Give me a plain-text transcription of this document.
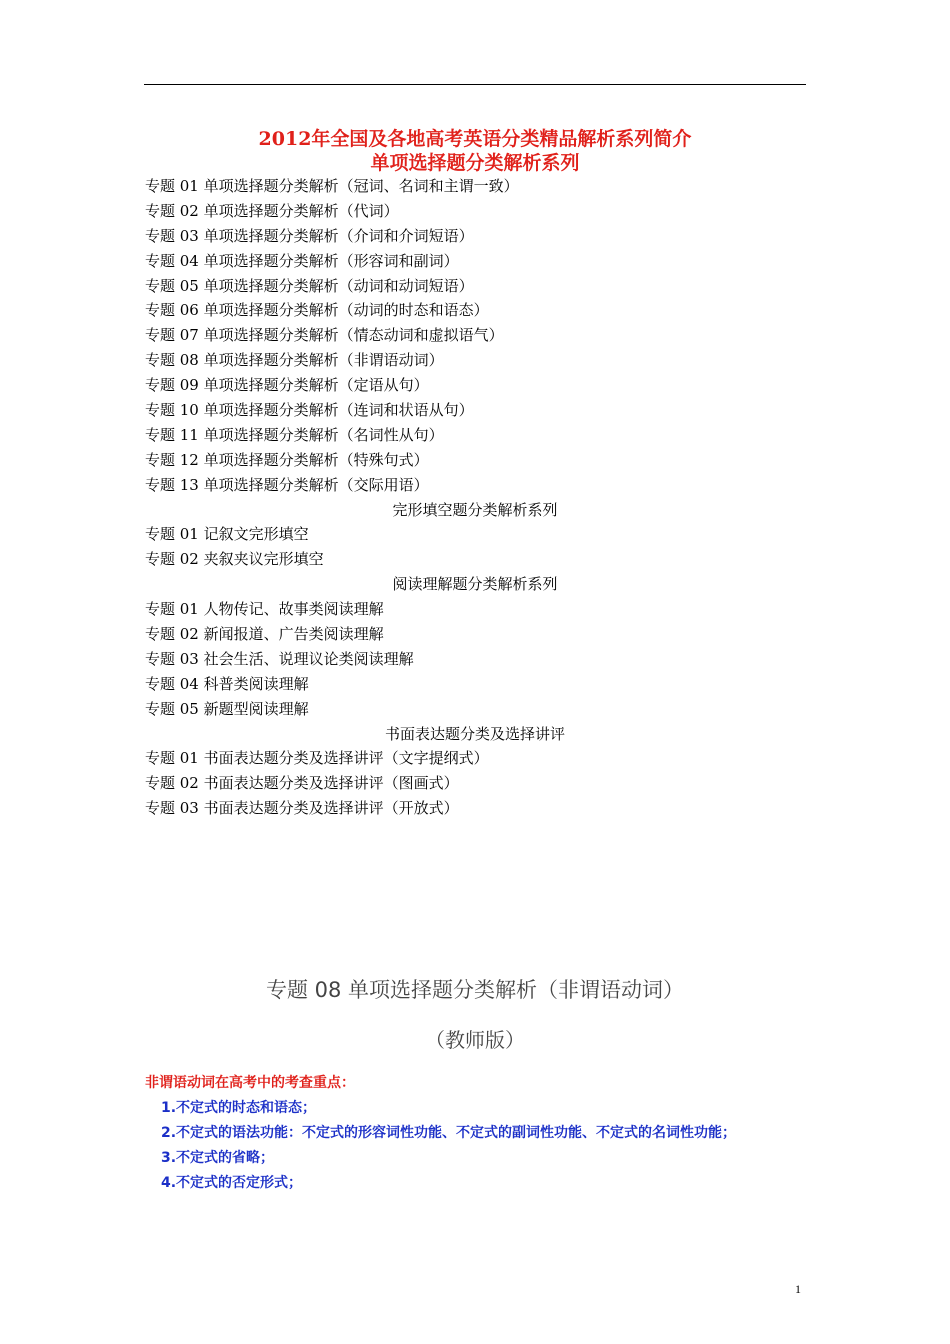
2012年全国及各地高考英语分类精品解析系列简介
单项选择题分类解析系列
专题 01 单项选择题分类解析（冠词、名词和主谓一致）
专题 02 单项选择题分类解析（代词）
专题 03 单项选择题分类解析（介词和介词短语）
专题 04 单项选择题分类解析（形容词和副词）
专题 05 单项选择题分类解析（动词和动词短语）
专题 06 单项选择题分类解析（动词的时态和语态）
专题 07 单项选择题分类解析（情态动词和虚拟语气）
专题 08 单项选择题分类解析（非谓语动词）
专题 09 单项选择题分类解析（定语从句）
专题 10 单项选择题分类解析（连词和状语从句）
专题 11 单项选择题分类解析（名词性从句）
专题 12 单项选择题分类解析（特殊句式）
专题 13 单项选择题分类解析（交际用语）
完形填空题分类解析系列
专题 01 记叙文完形填空
专题 02 夹叙夹议完形填空
阅读理解题分类解析系列
专题 01 人物传记、故事类阅读理解
专题 02 新闻报道、广告类阅读理解
专题 03 社会生活、说理议论类阅读理解
专题 04 科普类阅读理解
专题 05 新题型阅读理解
书面表达题分类及选择讲评
专题 01 书面表达题分类及选择讲评（文字提纲式）
专题 02 书面表达题分类及选择讲评（图画式）
专题 03 书面表达题分类及选择讲评（开放式）
专题 08 单项选择题分类解析（非谓语动词）
（教师版）
非谓语动词在高考中的考查重点：
1.不定式的时态和语态；
2.不定式的语法功能：不定式的形容词性功能、不定式的副词性功能、不定式的名词性功能；
3.不定式的省略；
4.不定式的否定形式；
1
